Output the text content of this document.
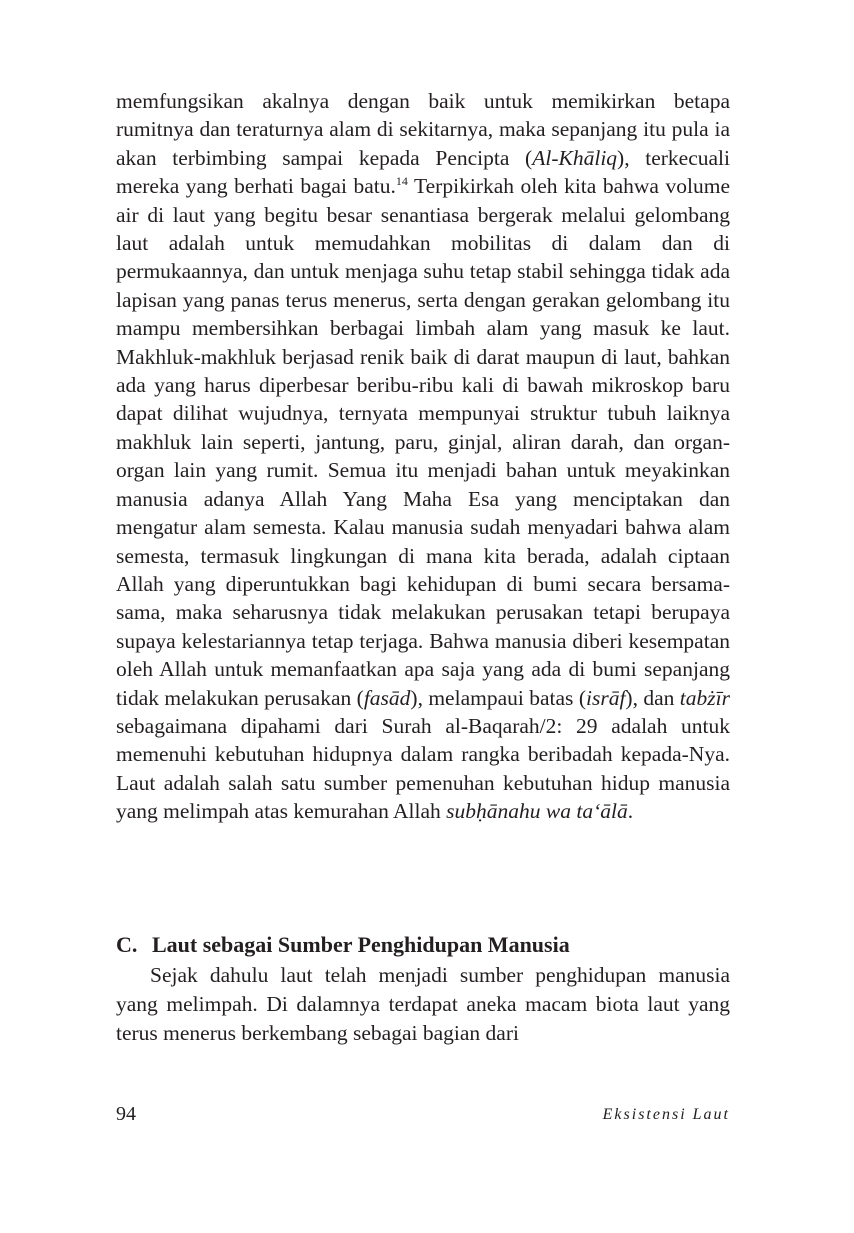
memfungsikan akalnya dengan baik untuk memikirkan betapa rumitnya dan teraturnya alam di sekitarnya, maka sepanjang itu pula ia akan terbimbing sampai kepada Pencipta (Al-Khāliq), terkecuali mereka yang berhati bagai batu.$^{14}$ Terpikirkah oleh kita bahwa volume air di laut yang begitu besar senantiasa bergerak melalui gelombang laut adalah untuk memudahkan mobilitas di dalam dan di permukaannya, dan untuk menjaga suhu tetap stabil sehingga tidak ada lapisan yang panas terus menerus, serta dengan gerakan gelombang itu mampu membersihkan berbagai limbah alam yang masuk ke laut. Makhluk-makhluk berjasad renik baik di darat maupun di laut, bahkan ada yang harus diperbesar beribu-ribu kali di bawah mikroskop baru dapat dilihat wujudnya, ternyata mempunyai struktur tubuh laiknya makhluk lain seperti, jantung, paru, ginjal, aliran darah, dan organ-organ lain yang rumit. Semua itu menjadi bahan untuk meyakinkan manusia adanya Allah Yang Maha Esa yang menciptakan dan mengatur alam semesta. Kalau manusia sudah menyadari bahwa alam semesta, termasuk lingkungan di mana kita berada, adalah ciptaan Allah yang diperuntukkan bagi kehidupan di bumi secara bersama-sama, maka seharusnya tidak melakukan perusakan tetapi berupaya supaya kelestariannya tetap terjaga. Bahwa manusia diberi kesempatan oleh Allah untuk memanfaatkan apa saja yang ada di bumi sepanjang tidak melakukan perusakan (fasād), melampaui batas (isrāf), dan tabżīr sebagaimana dipahami dari Surah al-Baqarah/2: 29 adalah untuk memenuhi kebutuhan hidupnya dalam rangka beribadah kepada-Nya. Laut adalah salah satu sumber pemenuhan kebutuhan hidup manusia yang melimpah atas kemurahan Allah subḥānahu wa ta‘ālā.

C. Laut sebagai Sumber Penghidupan Manusia

Sejak dahulu laut telah menjadi sumber penghidupan manusia yang melimpah. Di dalamnya terdapat aneka macam biota laut yang terus menerus berkembang sebagai bagian dari

94	Eksistensi Laut
